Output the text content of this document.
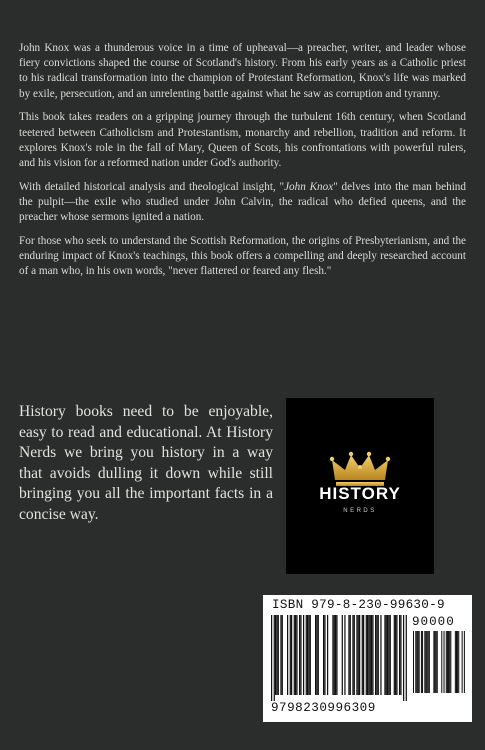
John Knox was a thunderous voice in a time of upheaval—a preacher, writer, and leader whose fiery convictions shaped the course of Scotland's history. From his early years as a Catholic priest to his radical transformation into the champion of Protestant Reformation, Knox's life was marked by exile, persecution, and an unrelenting battle against what he saw as corruption and tyranny.

This book takes readers on a gripping journey through the turbulent 16th century, when Scotland teetered between Catholicism and Protestantism, monarchy and rebellion, tradition and reform. It explores Knox's role in the fall of Mary, Queen of Scots, his confrontations with powerful rulers, and his vision for a reformed nation under God's authority.

With detailed historical analysis and theological insight, "John Knox" delves into the man behind the pulpit—the exile who studied under John Calvin, the radical who defied queens, and the preacher whose sermons ignited a nation.

For those who seek to understand the Scottish Reformation, the origins of Presbyterianism, and the enduring impact of Knox's teachings, this book offers a compelling and deeply researched account of a man who, in his own words, "never flattered or feared any flesh."

History books need to be enjoyable, easy to read and educational. At History Nerds we bring you history in a way that avoids dulling it down while still bringing you all the important facts in a concise way.
HISTORY
NERDS
ISBN 979-8-230-99630-9
90000
9798230996309
